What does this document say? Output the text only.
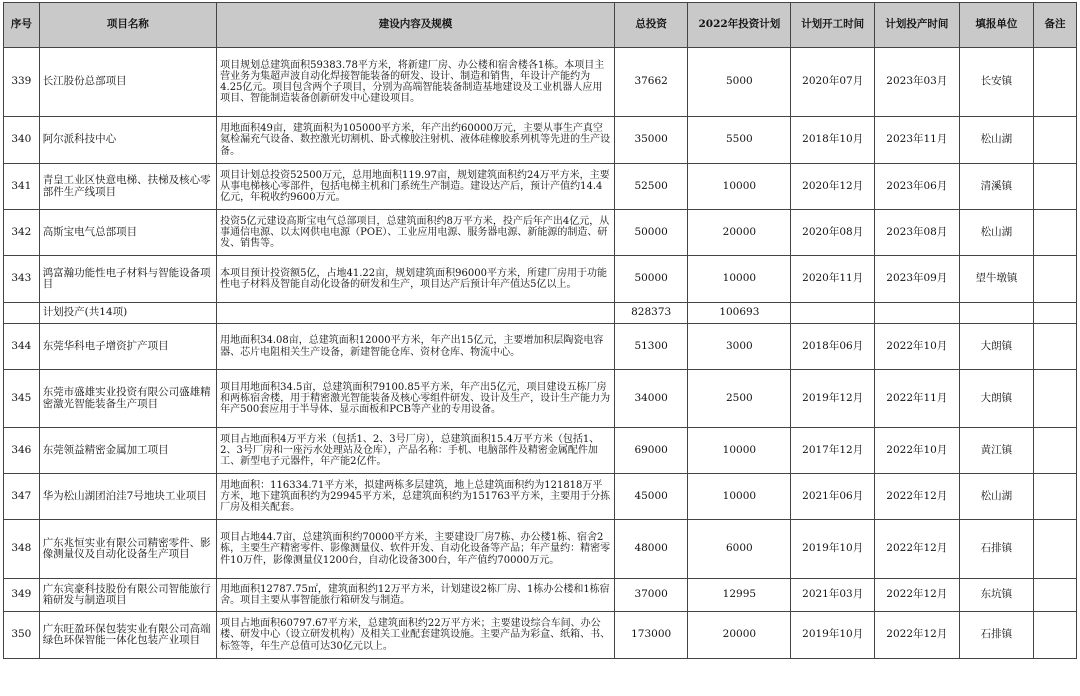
序号	项目名称	建设内容及规模	总投资	2022年投资计划	计划开工时间	计划投产时间	填报单位	备注
339	长江股份总部项目	项目规划总建筑面积59383.78平方米，将新建厂房、办公楼和宿舍楼各1栋。本项目主营业务为集超声波自动化焊接智能装备的研发、设计、制造和销售，年设计产能约为4.25亿元。项目包含两个子项目，分别为高端智能装备制造基地建设及工业机器人应用项目、智能制造装备创新研发中心建设项目。	37662	5000	2020年07月	2023年03月	长安镇	
340	阿尔派科技中心	用地面积49亩，建筑面积为105000平方米，年产出约60000万元，主要从事生产真空氦检漏充气设备、数控激光切割机、卧式橡胶注射机、液体硅橡胶系列机等先进的生产设备。	35000	5500	2018年10月	2023年11月	松山湖	
341	青皇工业区快意电梯、扶梯及核心零部件生产线项目	项目计划总投资52500万元，总用地面积119.97亩，规划建筑面积约24万平方米，主要从事电梯核心零部件，包括电梯主机和门系统生产制造。建设达产后，预计产值约14.4亿元，年税收约9600万元。	52500	10000	2020年12月	2023年06月	清溪镇	
342	高斯宝电气总部项目	投资5亿元建设高斯宝电气总部项目，总建筑面积约8万平方米，投产后年产出4亿元，从事通信电源、以太网供电电源（POE）、工业应用电源、服务器电源、新能源的制造、研发、销售等。	50000	20000	2020年08月	2023年08月	松山湖	
343	鸿富瀚功能性电子材料与智能设备项目	本项目预计投资额5亿，占地41.22亩，规划建筑面积96000平方米，所建厂房用于功能性电子材料及智能自动化设备的研发和生产，项目达产后预计年产值达5亿以上。	50000	10000	2020年11月	2023年09月	望牛墩镇	
	计划投产(共14项)		828373	100693				
344	东莞华科电子增资扩产项目	用地面积34.08亩，总建筑面积12000平方米，年产出15亿元，主要增加积层陶瓷电容器、芯片电阻相关生产设备，新建智能仓库、资材仓库、物流中心。	51300	3000	2018年06月	2022年10月	大朗镇	
345	东莞市盛雄实业投资有限公司盛雄精密激光智能装备生产项目	项目用地面积34.5亩，总建筑面积79100.85平方米，年产出5亿元，项目建设五栋厂房和两栋宿舍楼，用于精密激光智能装备及核心零组件研发、设计及生产，设计生产能力为年产500套应用于半导体、显示面板和PCB等产业的专用设备。	34000	2500	2019年12月	2022年11月	大朗镇	
346	东莞领益精密金属加工项目	项目占地面积4万平方米（包括1、2、3号厂房），总建筑面积15.4万平方米（包括1、2、3号厂房和一座污水处理站及仓库），产品名称：手机、电脑部件及精密金属配件加工、新型电子元器件，年产能2亿件。	69000	10000	2017年12月	2022年10月	黄江镇	
347	华为松山湖团泊洼7号地块工业项目	用地面积：116334.71平方米，拟建两栋多层建筑，地上总建筑面积约为121818万平方米，地下建筑面积约为29945平方米，总建筑面积约为151763平方米，主要用于分拣厂房及相关配套。	45000	10000	2021年06月	2022年12月	松山湖	
348	广东兆恒实业有限公司精密零件、影像测量仪及自动化设备生产项目	项目占地44.7亩，总建筑面积约70000平方米，主要建设厂房7栋、办公楼1栋、宿舍2栋，主要生产精密零件、影像测量仪、软件开发、自动化设备等产品；年产量约：精密零件10万件，影像测量仪1200台，自动化设备300台，年产值约70000万元。	48000	6000	2019年10月	2022年12月	石排镇	
349	广东宾豪科技股份有限公司智能旅行箱研发与制造项目	用地面积12787.75㎡，建筑面积约12万平方米，计划建设2栋厂房、1栋办公楼和1栋宿舍。项目主要从事智能旅行箱研发与制造。	37000	12995	2021年03月	2022年12月	东坑镇	
350	广东旺盈环保包装实业有限公司高端绿色环保智能一体化包装产业项目	项目占地面积60797.67平方米，总建筑面积约22万平方米；主要建设综合车间、办公楼、研发中心（设立研发机构）及相关工业配套建筑设施。主要产品为彩盒、纸箱、书、标签等，年生产总值可达30亿元以上。	173000	20000	2019年10月	2022年12月	石排镇	
